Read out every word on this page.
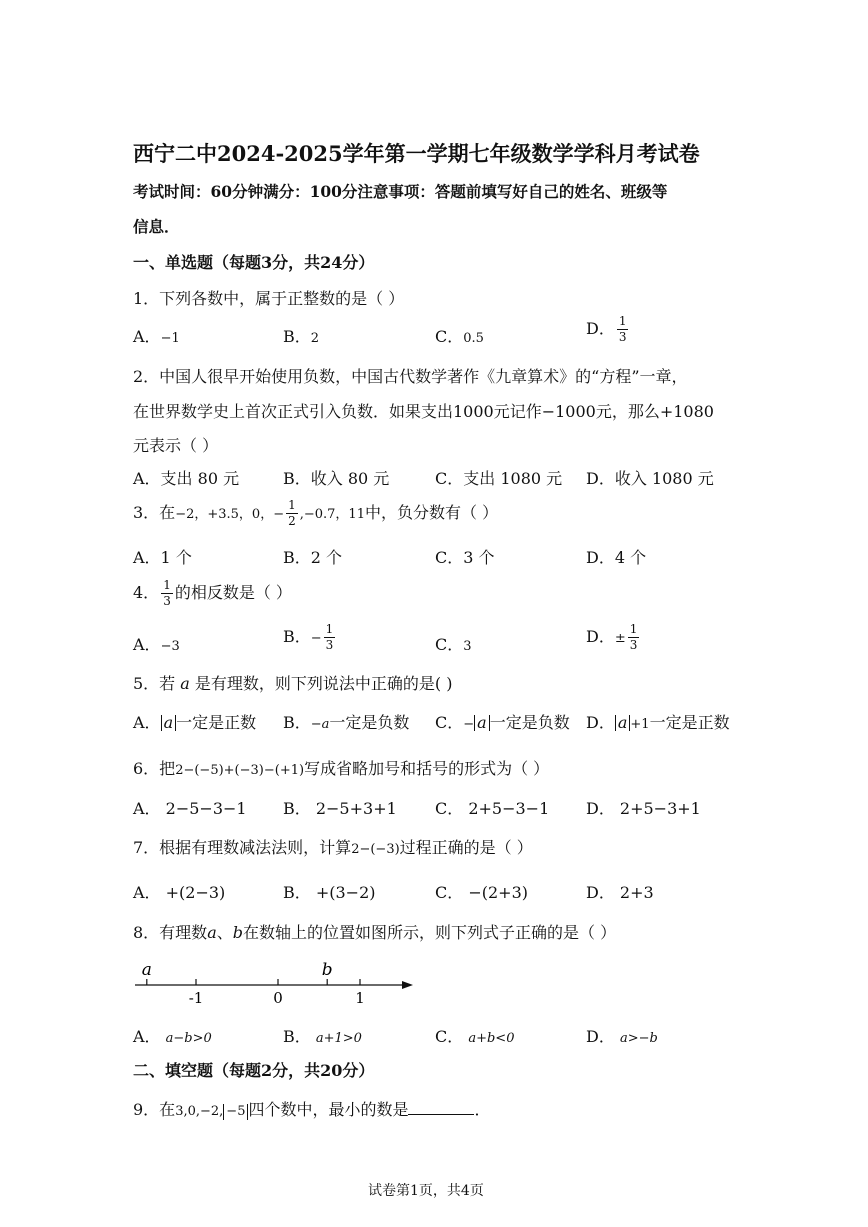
西宁二中2024-2025学年第一学期七年级数学学科月考试卷
考试时间：60分钟满分：100分注意事项：答题前填写好自己的姓名、班级等
信息．
一、单选题（每题3分，共24分）
1．下列各数中，属于正整数的是（ ）
A．−1	B．2	C．0.5
D． $\frac{1}{3}$
2．中国人很早开始使用负数，中国古代数学著作《九章算术》的“方程”一章，
在世界数学史上首次正式引入负数．如果支出1000元记作−1000元，那么+1080
元表示（ ）
A．支出 80 元	B．收入 80 元	C．支出 1080 元 D．收入 1080 元
3．在−2，+3.5，0，− $\frac{1}{2} ,-0.7$，11中，负分数有（ ）
A．1 个	B．2 个	C．3 个	D．4 个
4． $\frac{1}{3}$ 的相反数是（ ）
A．−3
B．− $\frac{1}{3}$	C．3
D．± $\frac{1}{3}$
5．若 a 是有理数，则下列说法中正确的是( )
A． a 一定是正数 B．−a一定是负数 C．− a 一定是负数 D． a +1一定是正数
6．把2−(−5)+(−3)−(+1)写成省略加号和括号的形式为（ ）
A． 2−5−3−1 B． 2−5+3+1 C． 2+5−3−1 D． 2+5−3+1
7．根据有理数减法法则，计算2−(−3)过程正确的是（ ）
A． +(2−3)	B． +(3−2)	C． −(2+3)	D． 2+3
8．有理数a、b在数轴上的位置如图所示，则下列式子正确的是（ ）
-1	0	1
a	b
A． a−b>0	B． a+1>0	C． a+b<0	D． a>−b
二、填空题（每题2分，共20分）
9．在3,0,−2, −5 四个数中，最小的数是	．
试卷第1页，共4页
